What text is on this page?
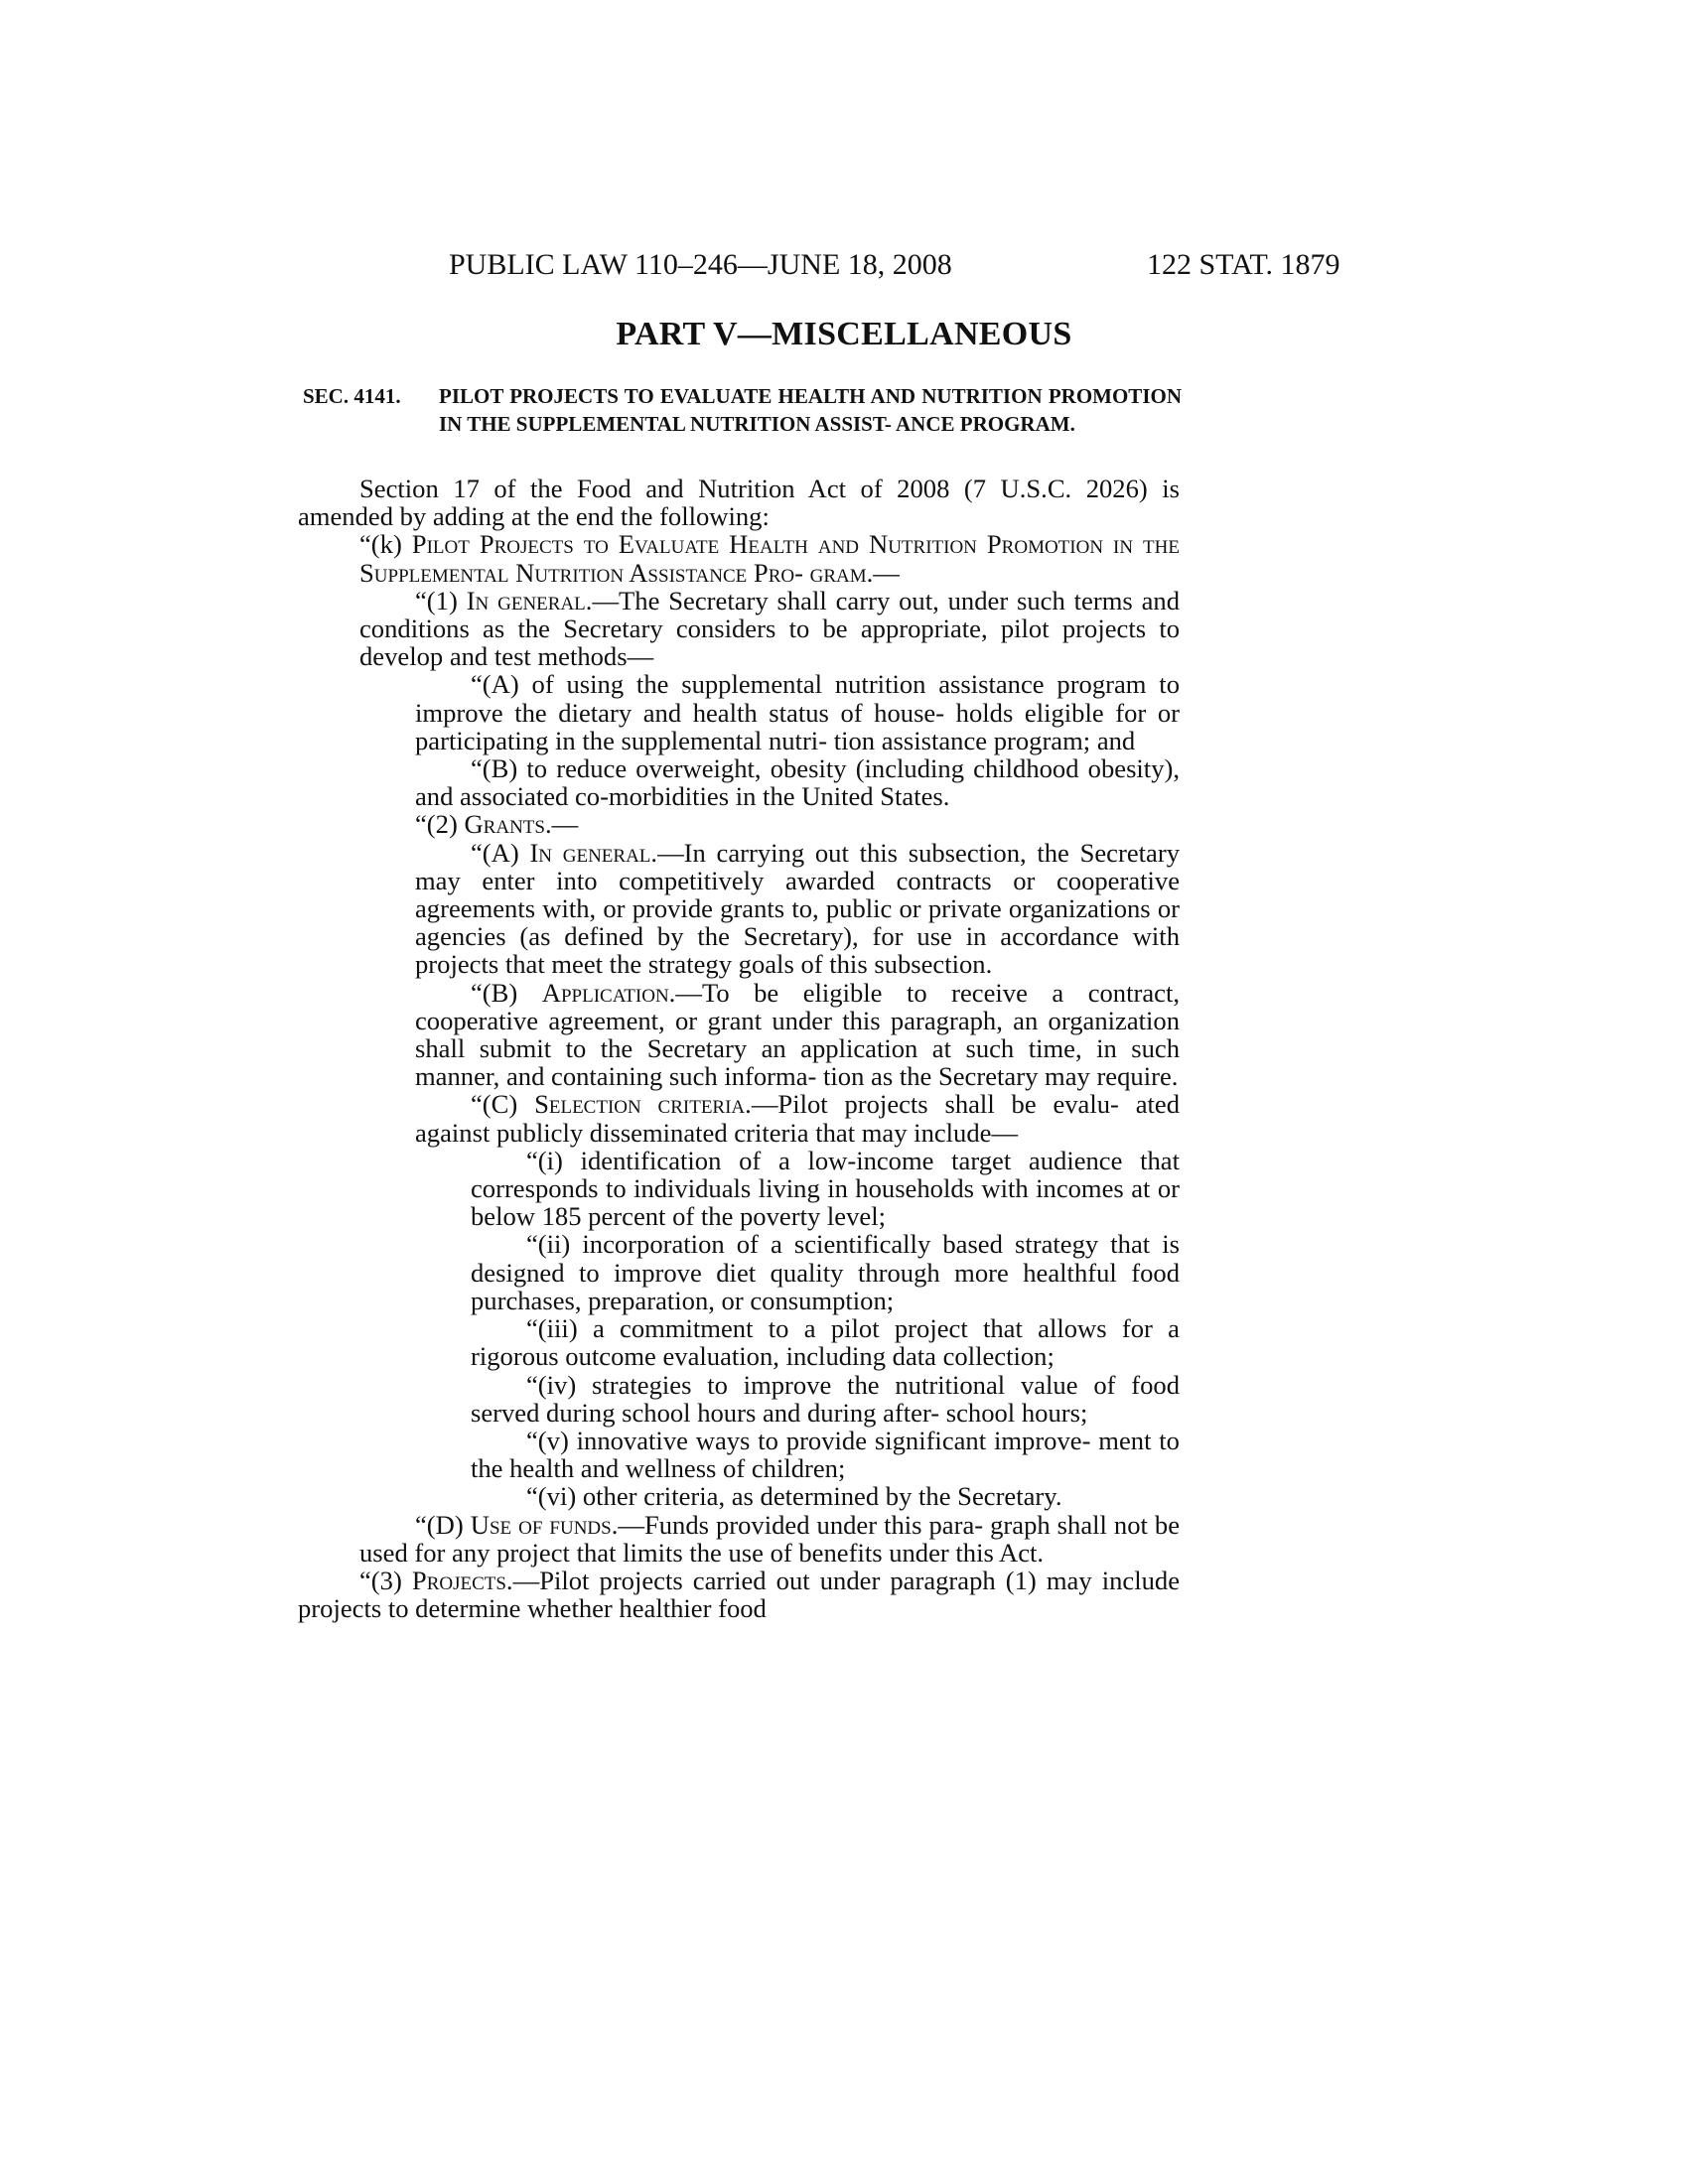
PUBLIC LAW 110–246—JUNE 18, 2008	122 STAT. 1879
PART V—MISCELLANEOUS
SEC. 4141. PILOT PROJECTS TO EVALUATE HEALTH AND NUTRITION PROMOTION IN THE SUPPLEMENTAL NUTRITION ASSIST- ANCE PROGRAM.

Section 17 of the Food and Nutrition Act of 2008 (7 U.S.C. 2026) is amended by adding at the end the following:

“(k) Pilot Projects to Evaluate Health and Nutrition Promotion in the Supplemental Nutrition Assistance Pro- gram.—

“(1) In general.—The Secretary shall carry out, under such terms and conditions as the Secretary considers to be appropriate, pilot projects to develop and test methods—

“(A) of using the supplemental nutrition assistance program to improve the dietary and health status of house- holds eligible for or participating in the supplemental nutri- tion assistance program; and

“(B) to reduce overweight, obesity (including childhood obesity), and associated co-morbidities in the United States.

“(2) Grants.—

“(A) In general.—In carrying out this subsection, the Secretary may enter into competitively awarded contracts or cooperative agreements with, or provide grants to, public or private organizations or agencies (as defined by the Secretary), for use in accordance with projects that meet the strategy goals of this subsection.

“(B) Application.—To be eligible to receive a contract, cooperative agreement, or grant under this paragraph, an organization shall submit to the Secretary an application at such time, in such manner, and containing such informa- tion as the Secretary may require.

“(C) Selection criteria.—Pilot projects shall be evalu- ated against publicly disseminated criteria that may include—

“(i) identification of a low-income target audience that corresponds to individuals living in households with incomes at or below 185 percent of the poverty level;

“(ii) incorporation of a scientifically based strategy that is designed to improve diet quality through more healthful food purchases, preparation, or consumption;

“(iii) a commitment to a pilot project that allows for a rigorous outcome evaluation, including data collection;

“(iv) strategies to improve the nutritional value of food served during school hours and during after- school hours;

“(v) innovative ways to provide significant improve- ment to the health and wellness of children;

“(vi) other criteria, as determined by the Secretary.

“(D) Use of funds.—Funds provided under this para- graph shall not be used for any project that limits the use of benefits under this Act.

“(3) Projects.—Pilot projects carried out under paragraph (1) may include projects to determine whether healthier food
